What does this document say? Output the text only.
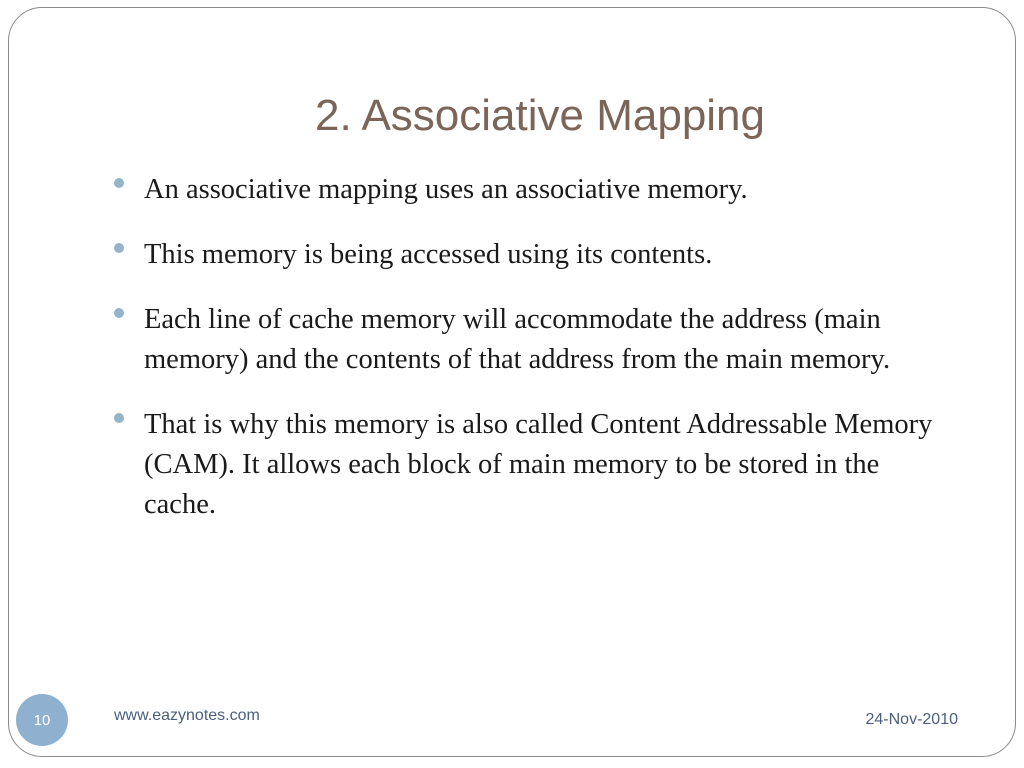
2. Associative Mapping
An associative mapping uses an associative memory.
This memory is being accessed using its contents.
Each line of cache memory will accommodate the address (main memory) and the contents of that address from the main memory.
That is why this memory is also called Content Addressable Memory (CAM). It allows each block of main memory to be stored in the cache.
10	www.eazynotes.com	24-Nov-2010
